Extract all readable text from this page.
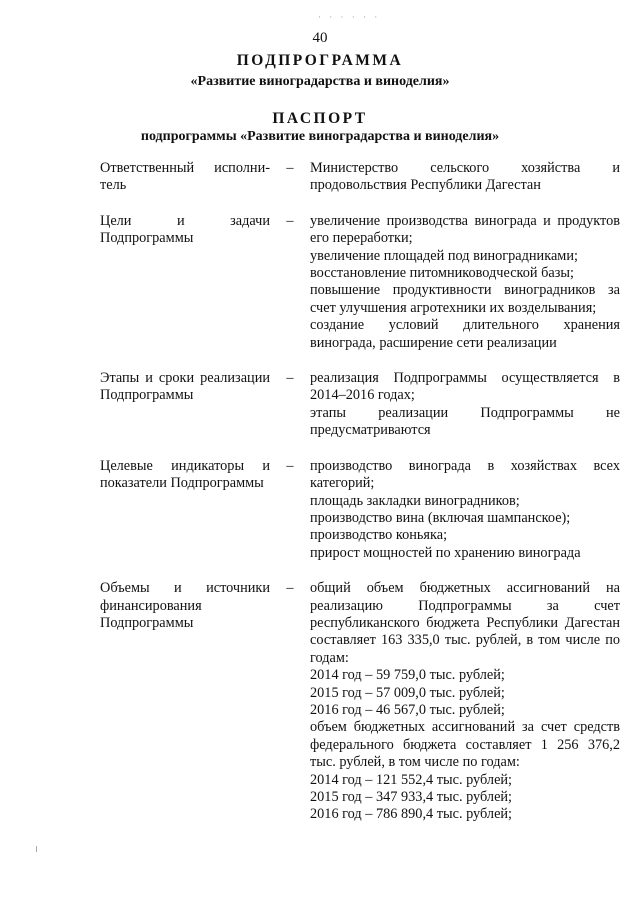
· · · · · ·
40
ПОДПРОГРАММА
«Развитие виноградарства и виноделия»
ПАСПОРТ
подпрограммы «Развитие виноградарства и виноделия»
Ответственный исполни-тель
–	Министерство сельского хозяйства и продовольствия Республики Дагестан
Цели и задачи Подпрограммы
–	увеличение производства винограда и продуктов его переработки;
увеличение площадей под виноградниками;
восстановление питомниководческой базы;
повышение продуктивности виноградников за счет улучшения агротехники их возделывания;
создание условий длительного хранения винограда, расширение сети реализации
Этапы и сроки реализации Подпрограммы
–	реализация Подпрограммы осуществляется в 2014–2016 годах;
этапы реализации Подпрограммы не предусматриваются
Целевые индикаторы и показатели Подпрограммы
–	производство винограда в хозяйствах всех категорий;
площадь закладки виноградников;
производство вина (включая шампанское);
производство коньяка;
прирост мощностей по хранению винограда
Объемы и источники финансирования Подпрограммы
–	общий объем бюджетных ассигнований на реализацию Подпрограммы за счет республиканского бюджета Республики Дагестан составляет 163 335,0 тыс. рублей, в том числе по годам:
2014 год – 59 759,0 тыс. рублей;
2015 год – 57 009,0 тыс. рублей;
2016 год – 46 567,0 тыс. рублей;
объем бюджетных ассигнований за счет средств федерального бюджета составляет 1 256 376,2 тыс. рублей, в том числе по годам:
2014 год – 121 552,4 тыс. рублей;
2015 год – 347 933,4 тыс. рублей;
2016 год – 786 890,4 тыс. рублей;
